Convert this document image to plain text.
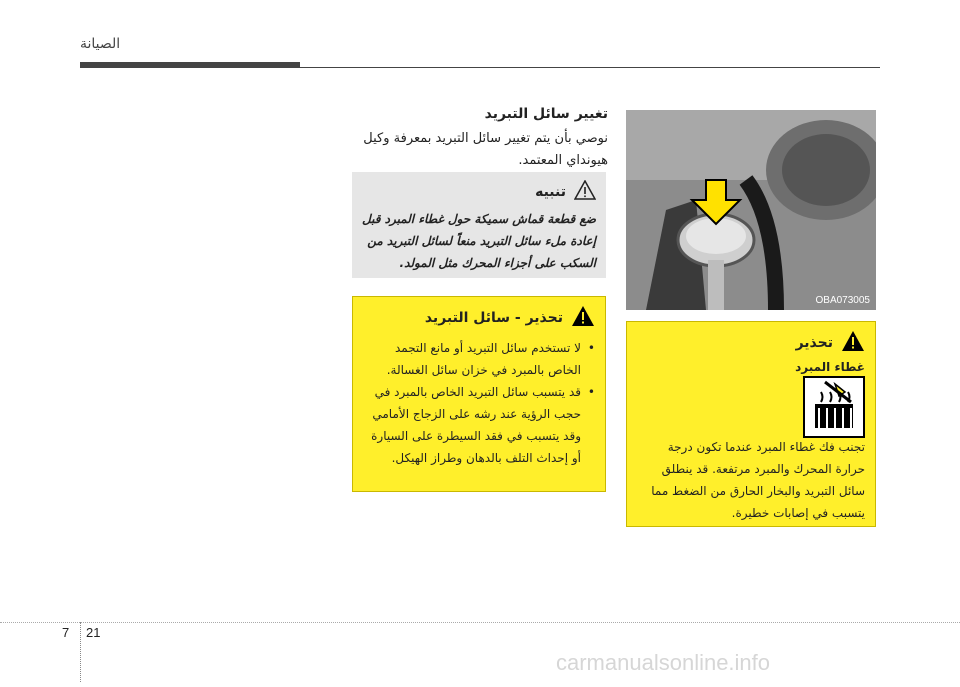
الصيانة
OBA073005
تغيير سائل التبريد
نوصي بأن يتم تغيير سائل التبريد بمعرفة وكيل هيونداي المعتمد.
تنبيه
ضع قطعة قماش سميكة حول غطاء المبرد قبل إعادة ملء سائل التبريد منعاً لسائل التبريد من السكب على أجزاء المحرك مثل المولد.
تحذير - سائل التبريد
• لا تستخدم سائل التبريد أو مانع التجمد الخاص بالمبرد في خزان سائل الغسالة.
• قد يتسبب سائل التبريد الخاص بالمبرد في حجب الرؤية عند رشه على الزجاج الأمامي وقد يتسبب في فقد السيطرة على السيارة أو إحداث التلف بالدهان وطراز الهيكل.
تحذير
غطاء المبرد
تجنب فك غطاء المبرد عندما تكون درجة حرارة المحرك والمبرد مرتفعة. قد ينطلق سائل التبريد والبخار الحارق من الضغط مما يتسبب في إصابات خطيرة.
7 21
carmanualsonline.info
